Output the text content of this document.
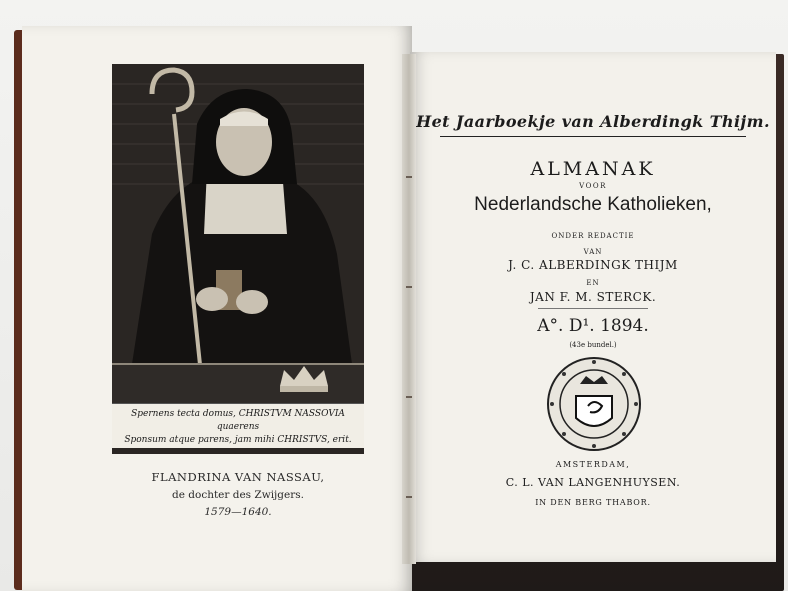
Spernens tecta domus, CHRISTVM NASSOVIA quaerens
Sponsum atque parens, jam mihi CHRISTVS, erit.
FLANDRINA VAN NASSAU,
de dochter des Zwijgers.
1579—1640.
Het Jaarboekje van Alberdingk Thijm.
ALMANAK
VOOR
Nederlandsche Katholieken,
ONDER REDACTIE
VAN
J. C. ALBERDINGK THIJM
EN
JAN F. M. STERCK.
A°. D¹. 1894.
(43e bundel.)
AMSTERDAM,
C. L. VAN LANGENHUYSEN.
IN DEN BERG THABOR.
